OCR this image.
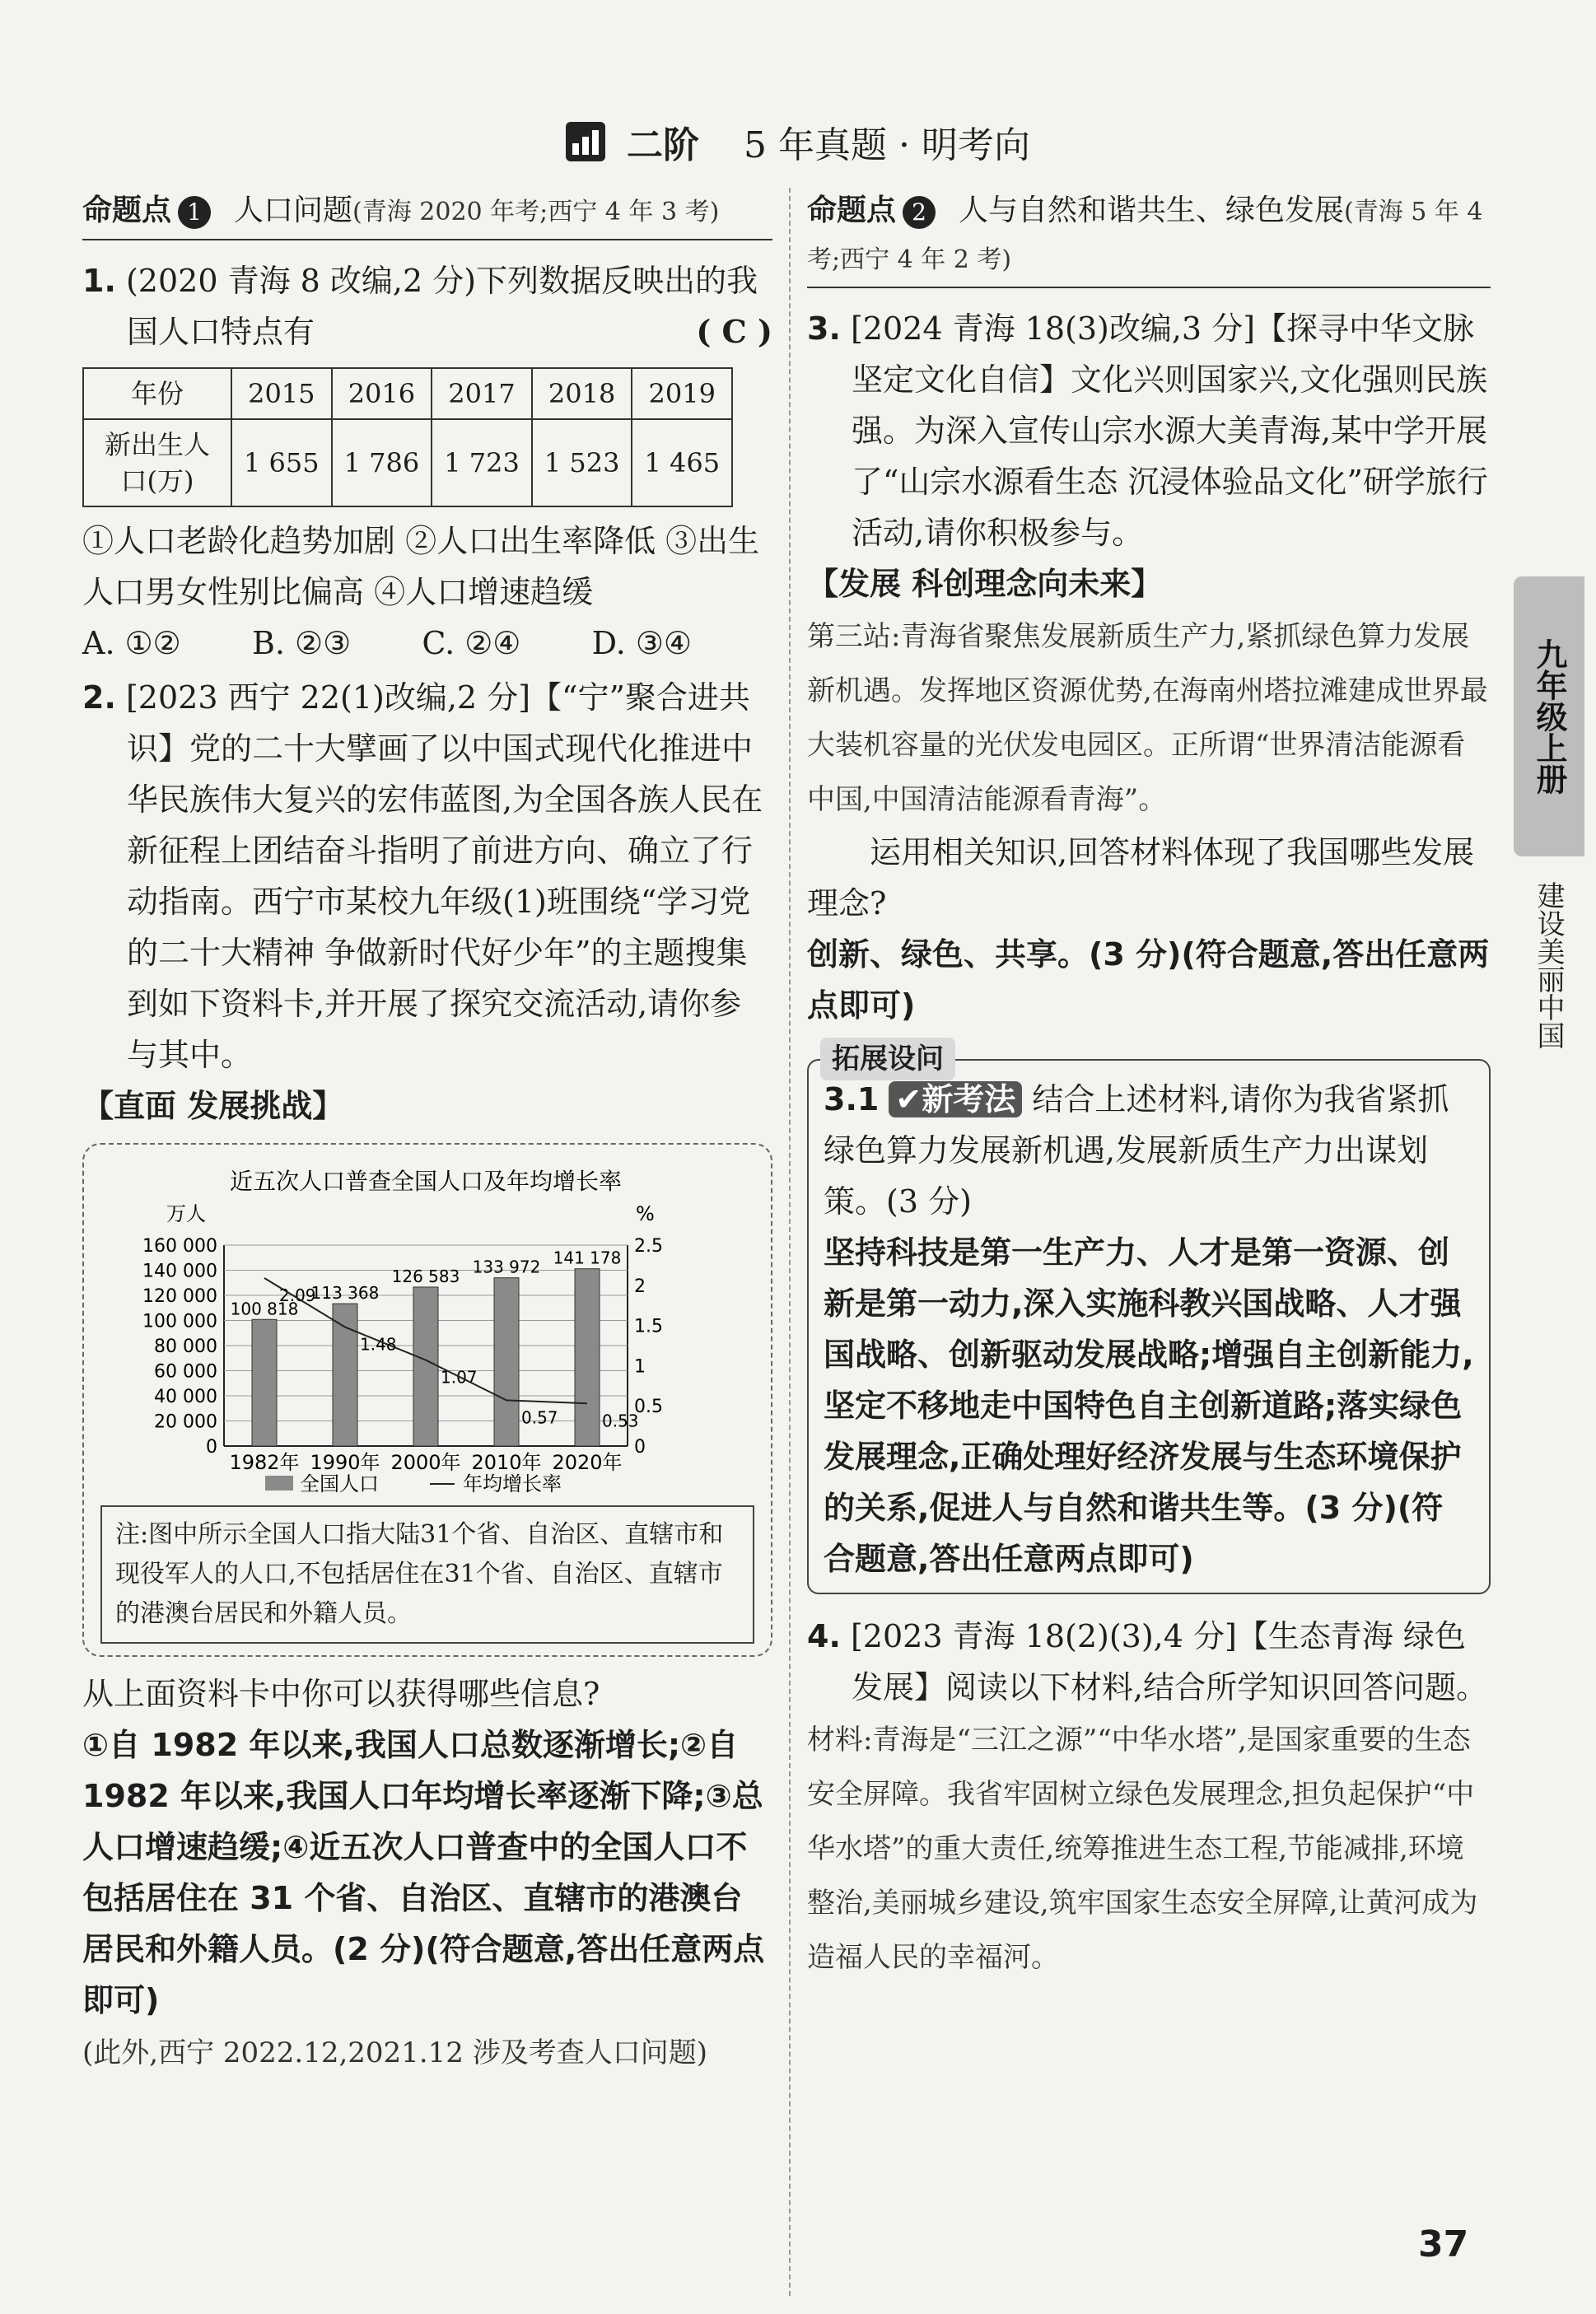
二阶 5 年真题 · 明考向
命题点 1 人口问题(青海 2020 年考;西宁 4 年 3 考)
1. (2020 青海 8 改编,2 分)下列数据反映出的我国人口特点有	( C )
年份	2015	2016	2017	2018	2019
新出生人口(万)	1 655	1 786	1 723	1 523	1 465
①人口老龄化趋势加剧 ②人口出生率降低 ③出生人口男女性别比偏高 ④人口增速趋缓
A. ①② B. ②③ C. ②④ D. ③④
2. [2023 西宁 22(1)改编,2 分]【“宁”聚合进共识】党的二十大擘画了以中国式现代化推进中华民族伟大复兴的宏伟蓝图,为全国各族人民在新征程上团结奋斗指明了前进方向、确立了行动指南。西宁市某校九年级(1)班围绕“学习党的二十大精神 争做新时代好少年”的主题搜集到如下资料卡,并开展了探究交流活动,请你参与其中。
【直面 发展挑战】
近五次人口普查全国人口及年均增长率
万人	%
0
20 000
40 000
60 000
80 000
100 000
120 000
140 000
160 000
0
0.5
1
1.5
2
2.5
100 818
1982年
2.09
113 368
1990年
1.48
126 583
2000年
1.07
133 972
2010年
0.57
141 178
2020年
0.53
全国人口	年均增长率
注:图中所示全国人口指大陆31个省、自治区、直辖市和现役军人的人口,不包括居住在31个省、自治区、直辖市的港澳台居民和外籍人员。
从上面资料卡中你可以获得哪些信息?
①自 1982 年以来,我国人口总数逐渐增长;②自 1982 年以来,我国人口年均增长率逐渐下降;③总人口增速趋缓;④近五次人口普查中的全国人口不包括居住在 31 个省、自治区、直辖市的港澳台居民和外籍人员。(2 分)(符合题意,答出任意两点即可)
(此外,西宁 2022.12,2021.12 涉及考查人口问题)
命题点 2 人与自然和谐共生、绿色发展(青海 5 年 4 考;西宁 4 年 2 考)
3. [2024 青海 18(3)改编,3 分]【探寻中华文脉 坚定文化自信】文化兴则国家兴,文化强则民族强。为深入宣传山宗水源大美青海,某中学开展了“山宗水源看生态 沉浸体验品文化”研学旅行活动,请你积极参与。
【发展 科创理念向未来】
第三站:青海省聚焦发展新质生产力,紧抓绿色算力发展新机遇。发挥地区资源优势,在海南州塔拉滩建成世界最大装机容量的光伏发电园区。正所谓“世界清洁能源看中国,中国清洁能源看青海”。
运用相关知识,回答材料体现了我国哪些发展理念?
创新、绿色、共享。(3 分)(符合题意,答出任意两点即可)
拓展设问
3.1 ✔新考法 结合上述材料,请你为我省紧抓绿色算力发展新机遇,发展新质生产力出谋划策。(3 分)
坚持科技是第一生产力、人才是第一资源、创新是第一动力,深入实施科教兴国战略、人才强国战略、创新驱动发展战略;增强自主创新能力,坚定不移地走中国特色自主创新道路;落实绿色发展理念,正确处理好经济发展与生态环境保护的关系,促进人与自然和谐共生等。(3 分)(符合题意,答出任意两点即可)
4. [2023 青海 18(2)(3),4 分]【生态青海 绿色发展】阅读以下材料,结合所学知识回答问题。
材料:青海是“三江之源”“中华水塔”,是国家重要的生态安全屏障。我省牢固树立绿色发展理念,担负起保护“中华水塔”的重大责任,统筹推进生态工程,节能减排,环境整治,美丽城乡建设,筑牢国家生态安全屏障,让黄河成为造福人民的幸福河。
九年级上册
建设美丽中国
37
